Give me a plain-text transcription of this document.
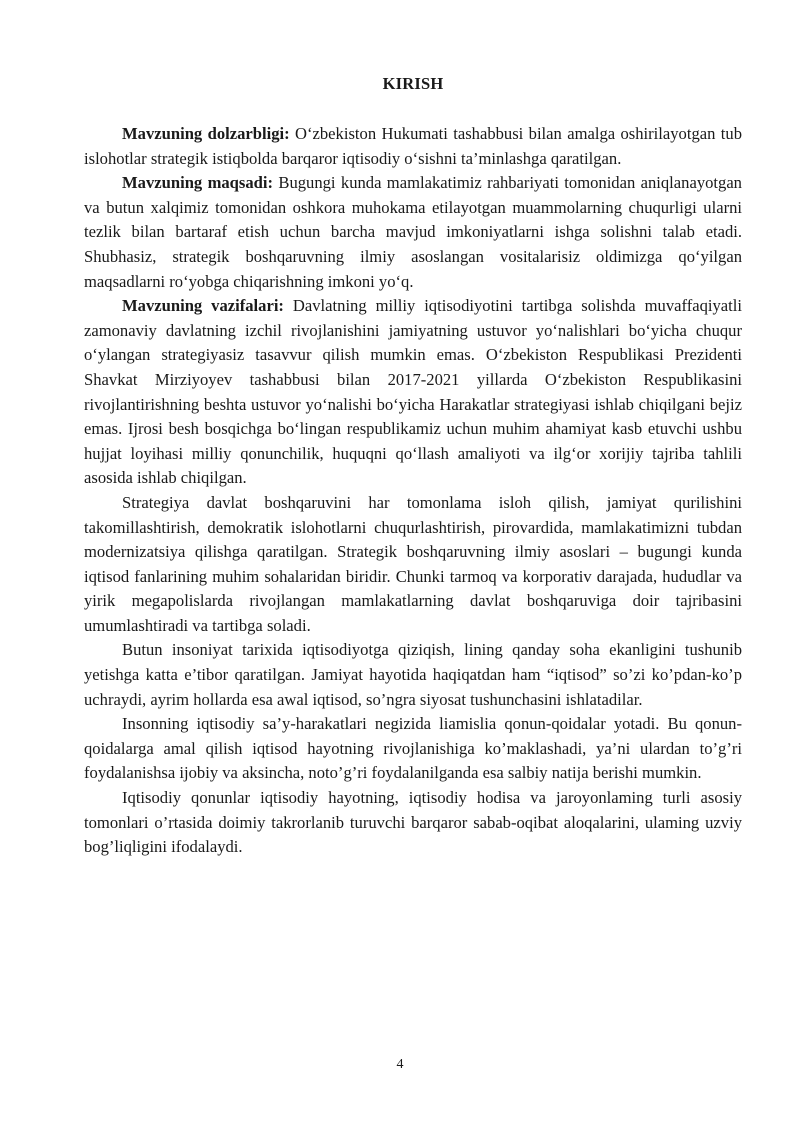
KIRISH

Mavzuning dolzarbligi: O‘zbekiston Hukumati tashabbusi bilan amalga oshirilayotgan tub islohotlar strategik istiqbolda barqaror iqtisodiy o‘sishni ta’minlashga qaratilgan.

Mavzuning maqsadi: Bugungi kunda mamlakatimiz rahbariyati tomonidan aniqlanayotgan va butun xalqimiz tomonidan oshkora muhokama etilayotgan muammolarning chuqurligi ularni tezlik bilan bartaraf etish uchun barcha mavjud imkoniyatlarni ishga solishni talab etadi. Shubhasiz, strategik boshqaruvning ilmiy asoslangan vositalarisiz oldimizga qo‘yilgan maqsadlarni ro‘yobga chiqarishning imkoni yo‘q.

Mavzuning vazifalari: Davlatning milliy iqtisodiyotini tartibga solishda muvaffaqiyatli zamonaviy davlatning izchil rivojlanishini jamiyatning ustuvor yo‘nalishlari bo‘yicha chuqur o‘ylangan strategiyasiz tasavvur qilish mumkin emas. O‘zbekiston Respublikasi Prezidenti Shavkat Mirziyoyev tashabbusi bilan 2017-2021 yillarda O‘zbekiston Respublikasini rivojlantirishning beshta ustuvor yo‘nalishi bo‘yicha Harakatlar strategiyasi ishlab chiqilgani bejiz emas. Ijrosi besh bosqichga bo‘lingan respublikamiz uchun muhim ahamiyat kasb etuvchi ushbu hujjat loyihasi milliy qonunchilik, huquqni qo‘llash amaliyoti va ilg‘or xorijiy tajriba tahlili asosida ishlab chiqilgan.

Strategiya davlat boshqaruvini har tomonlama isloh qilish, jamiyat qurilishini takomillashtirish, demokratik islohotlarni chuqurlashtirish, pirovardida, mamlakatimizni tubdan modernizatsiya qilishga qaratilgan. Strategik boshqaruvning ilmiy asoslari – bugungi kunda iqtisod fanlarining muhim sohalaridan biridir. Chunki tarmoq va korporativ darajada, hududlar va yirik megapolislarda rivojlangan mamlakatlarning davlat boshqaruviga doir tajribasini umumlashtiradi va tartibga soladi.

Butun insoniyat tarixida iqtisodiyotga qiziqish, lining qanday soha ekanligini tushunib yetishga katta e’tibor qaratilgan. Jamiyat hayotida haqiqatdan ham “iqtisod” so’zi ko’pdan-ko’p uchraydi, ayrim hollarda esa awal iqtisod, so’ngra siyosat tushunchasini ishlatadilar.

Insonning iqtisodiy sa’y-harakatlari negizida liamislia qonun-qoidalar yotadi. Bu qonun-qoidalarga amal qilish iqtisod hayotning rivojlanishiga ko’maklashadi, ya’ni ulardan to’g’ri foydalanishsa ijobiy va aksincha, noto’g’ri foydalanilganda esa salbiy natija berishi mumkin.

Iqtisodiy qonunlar iqtisodiy hayotning, iqtisodiy hodisa va jaroyonlaming turli asosiy tomonlari o’rtasida doimiy takrorlanib turuvchi barqaror sabab-oqibat aloqalarini, ulaming uzviy bog’liqligini ifodalaydi.

4
